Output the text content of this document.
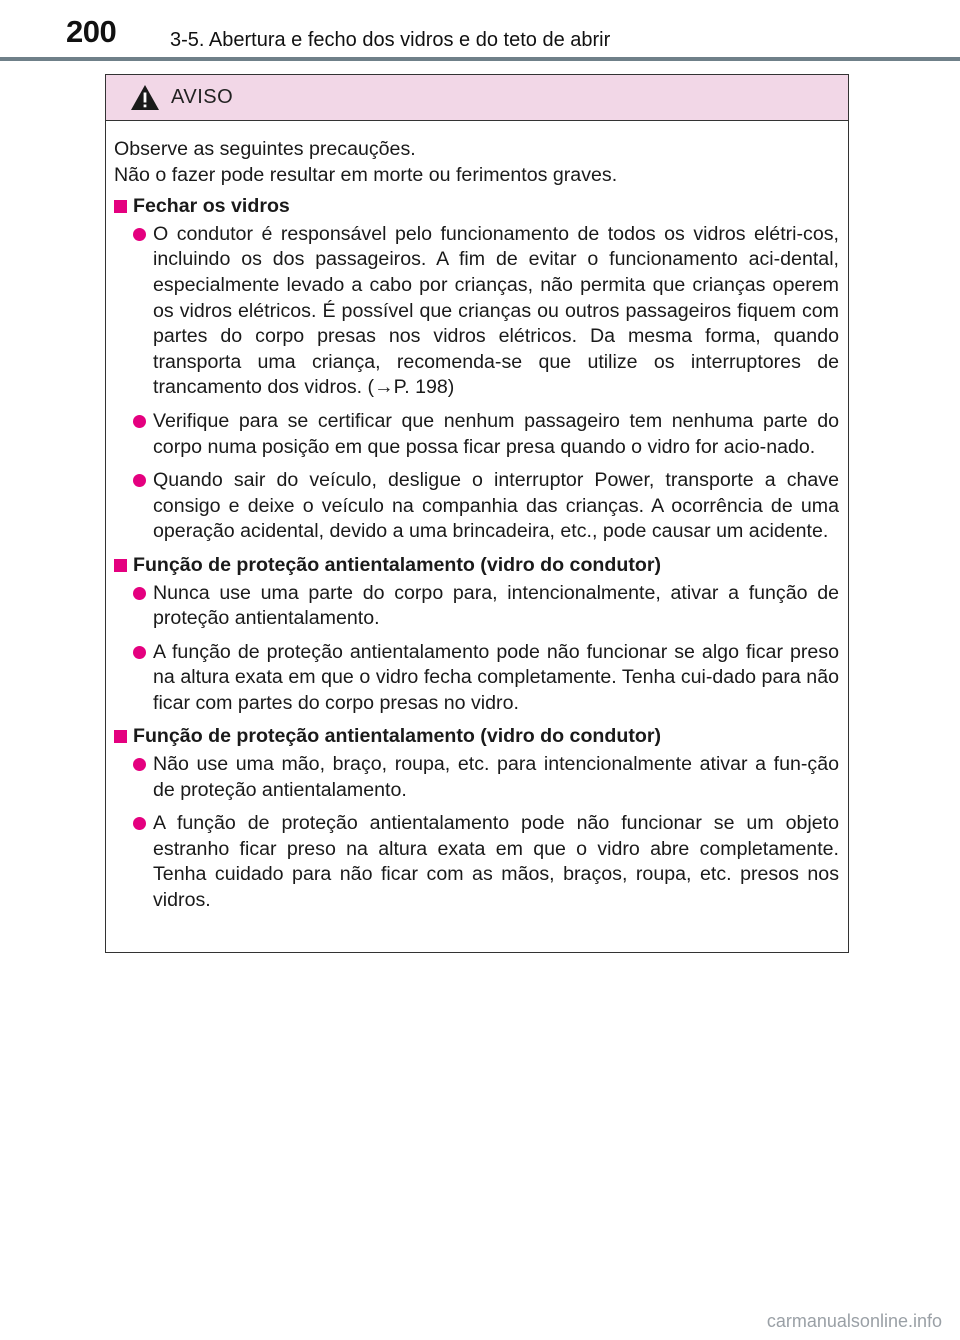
200	3-5. Abertura e fecho dos vidros e do teto de abrir
AVISO

Observe as seguintes precauções.

Não o fazer pode resultar em morte ou ferimentos graves.

Fechar os vidros

O condutor é responsável pelo funcionamento de todos os vidros elétri-cos, incluindo os dos passageiros. A fim de evitar o funcionamento aci-dental, especialmente levado a cabo por crianças, não permita que crianças operem os vidros elétricos. É possível que crianças ou outros passageiros fiquem com partes do corpo presas nos vidros elétricos. Da mesma forma, quando transporta uma criança, recomenda-se que utilize os interruptores de trancamento dos vidros. (→P. 198)

Verifique para se certificar que nenhum passageiro tem nenhuma parte do corpo numa posição em que possa ficar presa quando o vidro for acio-nado.

Quando sair do veículo, desligue o interruptor Power, transporte a chave consigo e deixe o veículo na companhia das crianças. A ocorrência de uma operação acidental, devido a uma brincadeira, etc., pode causar um acidente.

Função de proteção antientalamento (vidro do condutor)

Nunca use uma parte do corpo para, intencionalmente, ativar a função de proteção antientalamento.

A função de proteção antientalamento pode não funcionar se algo ficar preso na altura exata em que o vidro fecha completamente. Tenha cui-dado para não ficar com partes do corpo presas no vidro.

Função de proteção antientalamento (vidro do condutor)

Não use uma mão, braço, roupa, etc. para intencionalmente ativar a fun-ção de proteção antientalamento.

A função de proteção antientalamento pode não funcionar se um objeto estranho ficar preso na altura exata em que o vidro abre completamente. Tenha cuidado para não ficar com as mãos, braços, roupa, etc. presos nos vidros.

carmanualsonline.info
